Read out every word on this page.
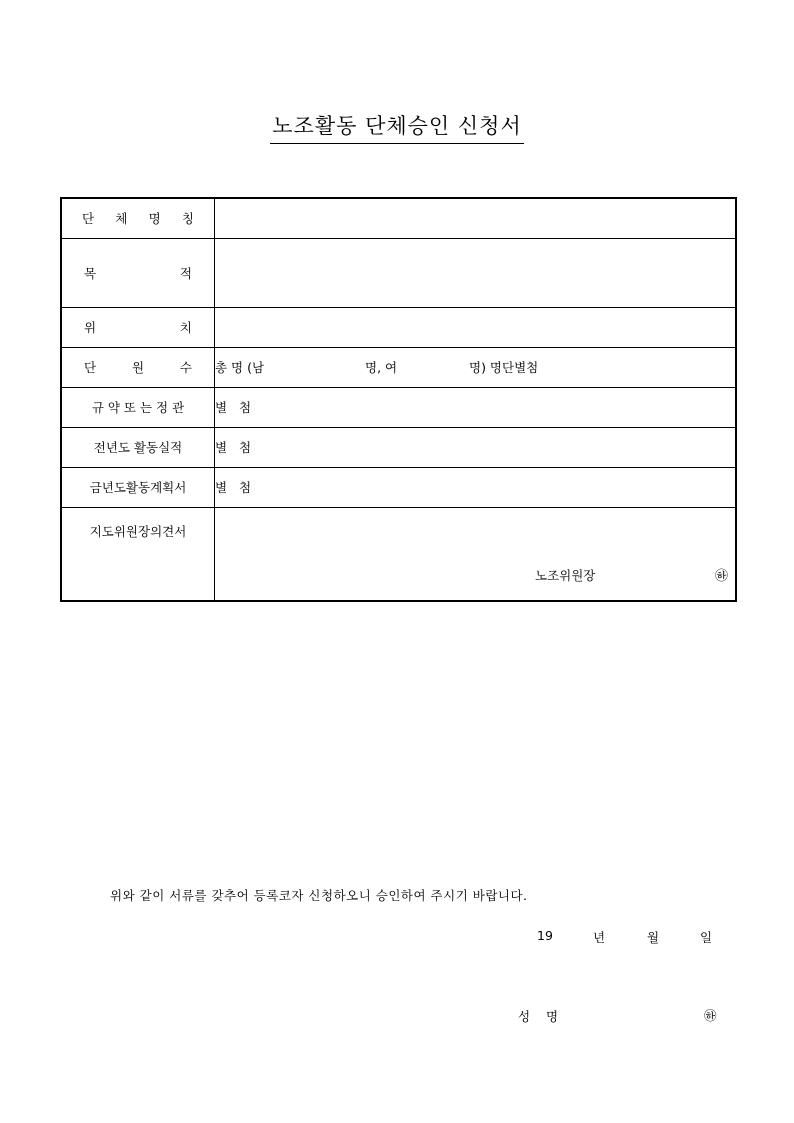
노조활동 단체승인 신청서
단 체 명 칭	

목 적	

위 치	

단 원 수	총 명 (남 명, 여 명) 명단별첨
규 약 또 는 정 관	별 첨
전년도 활동실적	별 첨
금년도활동계획서	별 첨
지도위원장의견서	노조위원장 ㉻
위와 같이 서류를 갖추어 등록코자 신청하오니 승인하여 주시기 바랍니다.
19	년	월	일
성 명	㉻
